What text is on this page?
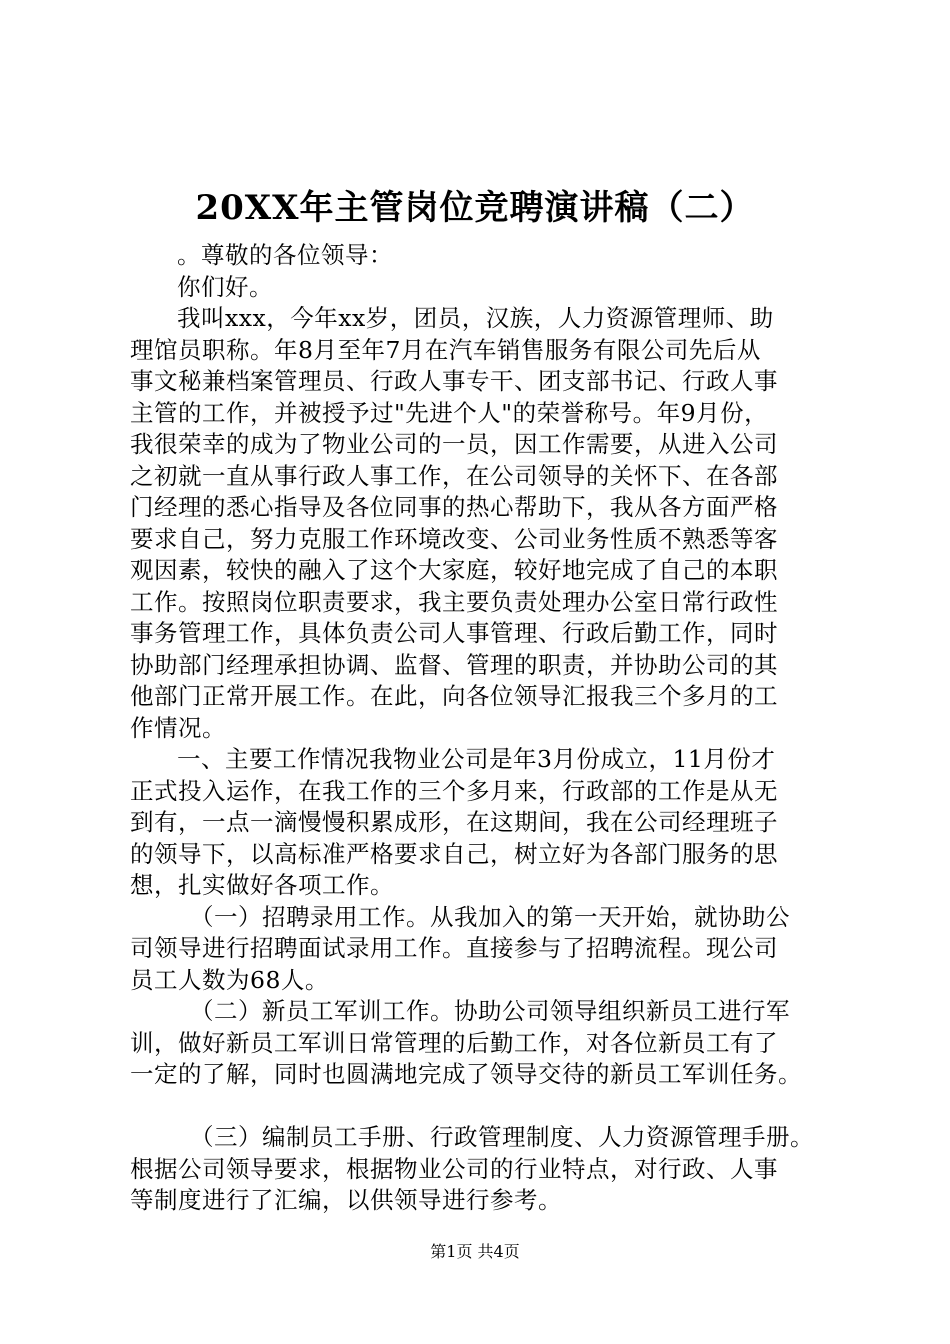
20XX年主管岗位竞聘演讲稿（二）
。尊敬的各位领导：
你们好。
我叫xxx，今年xx岁，团员，汉族，人力资源管理师、助
理馆员职称。年8月至年7月在汽车销售服务有限公司先后从
事文秘兼档案管理员、行政人事专干、团支部书记、行政人事
主管的工作，并被授予过"先进个人"的荣誉称号。年9月份，
我很荣幸的成为了物业公司的一员，因工作需要，从进入公司
之初就一直从事行政人事工作，在公司领导的关怀下、在各部
门经理的悉心指导及各位同事的热心帮助下，我从各方面严格
要求自己，努力克服工作环境改变、公司业务性质不熟悉等客
观因素，较快的融入了这个大家庭，较好地完成了自己的本职
工作。按照岗位职责要求，我主要负责处理办公室日常行政性
事务管理工作，具体负责公司人事管理、行政后勤工作，同时
协助部门经理承担协调、监督、管理的职责，并协助公司的其
他部门正常开展工作。在此，向各位领导汇报我三个多月的工
作情况。
一、主要工作情况我物业公司是年3月份成立，11月份才
正式投入运作，在我工作的三个多月来，行政部的工作是从无
到有，一点一滴慢慢积累成形，在这期间，我在公司经理班子
的领导下，以高标准严格要求自己，树立好为各部门服务的思
想，扎实做好各项工作。
（一）招聘录用工作。从我加入的第一天开始，就协助公
司领导进行招聘面试录用工作。直接参与了招聘流程。现公司
员工人数为68人。
（二）新员工军训工作。协助公司领导组织新员工进行军
训，做好新员工军训日常管理的后勤工作，对各位新员工有了
一定的了解，同时也圆满地完成了领导交待的新员工军训任务。
（三）编制员工手册、行政管理制度、人力资源管理手册。
根据公司领导要求，根据物业公司的行业特点，对行政、人事
等制度进行了汇编，以供领导进行参考。
第1页 共4页
